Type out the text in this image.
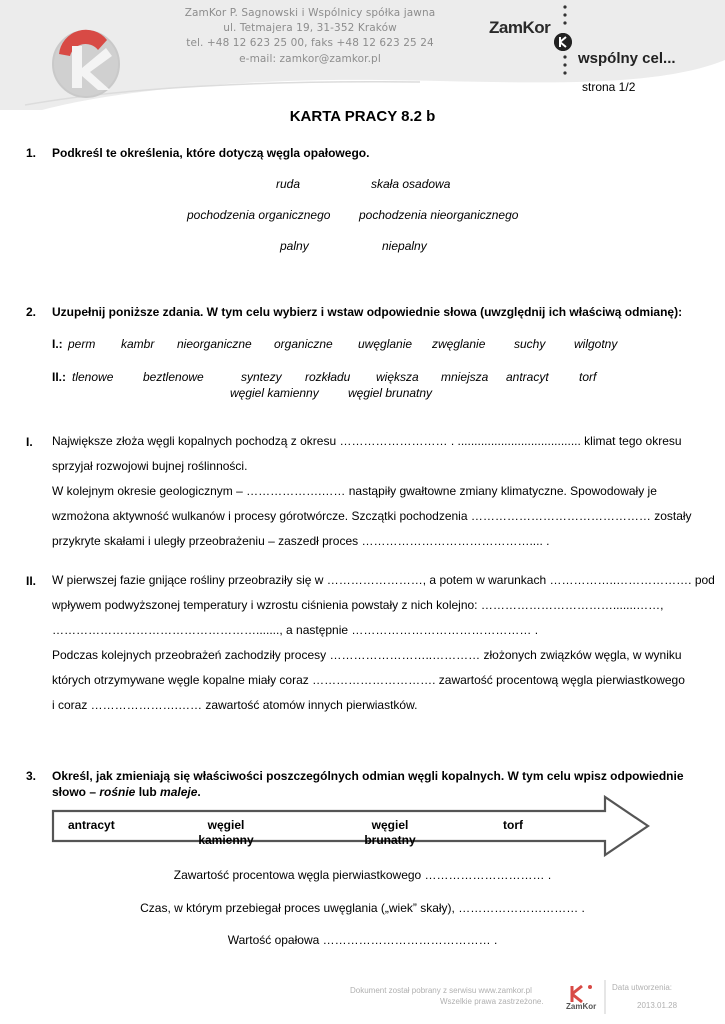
ZamKor P. Sagnowski i Wspólnicy spółka jawna
ul. Tetmajera 19, 31-352 Kraków
tel. +48 12 623 25 00, faks +48 12 623 25 24
e-mail: zamkor@zamkor.pl
ZamKor
wspólny cel...
strona 1/2
KARTA PRACY 8.2 b
1. Podkreśl te określenia, które dotyczą węgla opałowego.
ruda	skała osadowa
pochodzenia organicznego pochodzenia nieorganicznego
palny	niepalny
2. Uzupełnij poniższe zdania. W tym celu wybierz i wstaw odpowiednie słowa (uwzględnij ich właściwą odmianę):
I.: perm kambr nieorganiczne organiczne uwęglanie zwęglanie suchy wilgotny
II.: tlenowe beztlenowe	syntezy rozkładu większa mniejsza antracyt	torf
węgiel kamienny węgiel brunatny
I. Największe złoża węgli kopalnych pochodzą z okresu ……………………… . ..................................... klimat tego okresu

sprzyjał rozwojowi bujnej roślinności.

W kolejnym okresie geologicznym – ……………….…… nastąpiły gwałtowne zmiany klimatyczne. Spowodowały je

wzmożona aktywność wulkanów i procesy górotwórcze. Szczątki pochodzenia ……………………………………… zostały

przykryte skałami i uległy przeobrażeniu – zaszedł proces …………………………………….... .

II. W pierwszej fazie gnijące rośliny przeobraziły się w ……………………, a potem w warunkach ……………..………………. pod

wpływem podwyższonej temperatury i wzrostu ciśnienia powstały z nich kolejno: …………………………….......……,

……………………………………………......., a następnie ……………………………………… .

Podczas kolejnych przeobrażeń zachodziły procesy ……………………..………… złożonych związków węgla, w wyniku

których otrzymywane węgle kopalne miały coraz …………………………. zawartość procentową węgla pierwiastkowego

i coraz ………………….…… zawartość atomów innych pierwiastków.

3. Określ, jak zmieniają się właściwości poszczególnych odmian węgli kopalnych. W tym celu wpisz odpowiednie
słowo – rośnie lub maleje.
antracyt	węgiel
kamienny
węgiel
brunatny
torf
Zawartość procentowa węgla pierwiastkowego ………………………… .
Czas, w którym przebiegał proces uwęglania („wiek” skały), ………………………… .
Wartość opałowa …………………………………… .
Dokument został pobrany z serwisu www.zamkor.pl
Wszelkie prawa zastrzeżone.
ZamKor
Data utworzenia:
2013.01.28
